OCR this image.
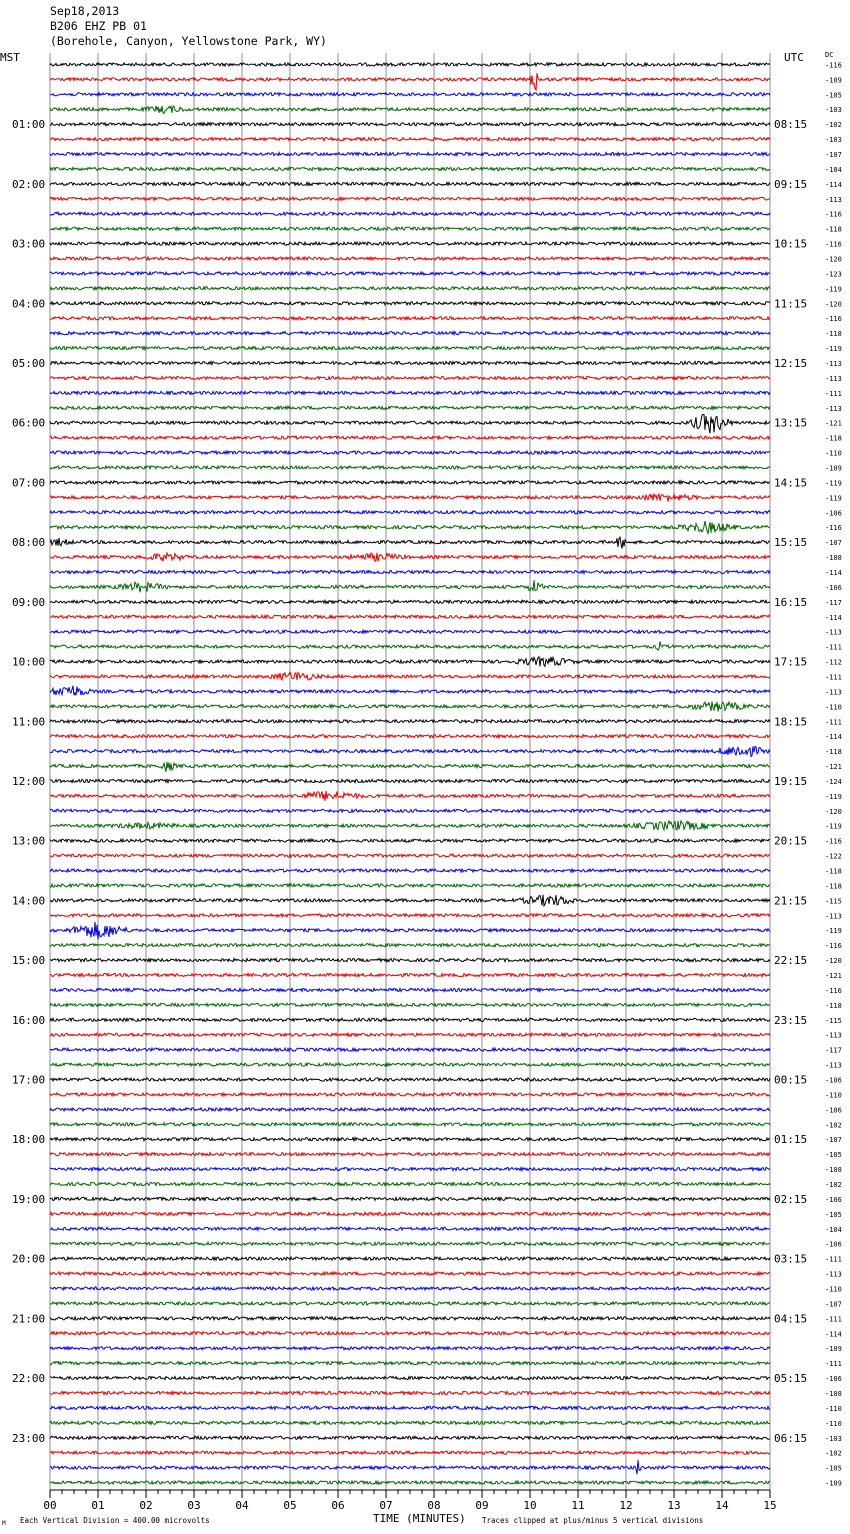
Sep18,2013
B206 EHZ PB 01
(Borehole, Canyon, Yellowstone Park, WY)
MST	UTC	DC
01:00
02:00
03:00
04:00
05:00
06:00
07:00
08:00
09:00
10:00
11:00
12:00
13:00
14:00
15:00
16:00
17:00
18:00
19:00
20:00
21:00
22:00
23:00
08:15
09:15
10:15
11:15
12:15
13:15
14:15
15:15
16:15
17:15
18:15
19:15
20:15
21:15
22:15
23:15
00:15
01:15
02:15
03:15
04:15
05:15
06:15
-116
-109
-105
-103
-102
-103
-107
-104
-114
-113
-116
-118
-116
-120
-123
-119
-120
-116
-118
-119
-113
-113
-111
-113
-121
-118
-110
-109
-119
-119
-106
-116
-107
-108
-114
-106
-117
-114
-113
-111
-112
-111
-113
-110
-111
-114
-118
-121
-124
-119
-120
-119
-116
-122
-118
-118
-115
-113
-119
-116
-120
-121
-116
-118
-115
-113
-117
-113
-106
-110
-106
-102
-107
-105
-108
-102
-106
-105
-104
-106
-111
-113
-110
-107
-111
-114
-109
-111
-106
-108
-110
-110
-103
-102
-105
-109
00	01	02	03	04	05	06	07	08	09	10	11	12	13	14	15
TIME (MINUTES)
Each Vertical Division = 400.00 microvolts	Traces clipped at plus/minus 5 vertical divisions
M
